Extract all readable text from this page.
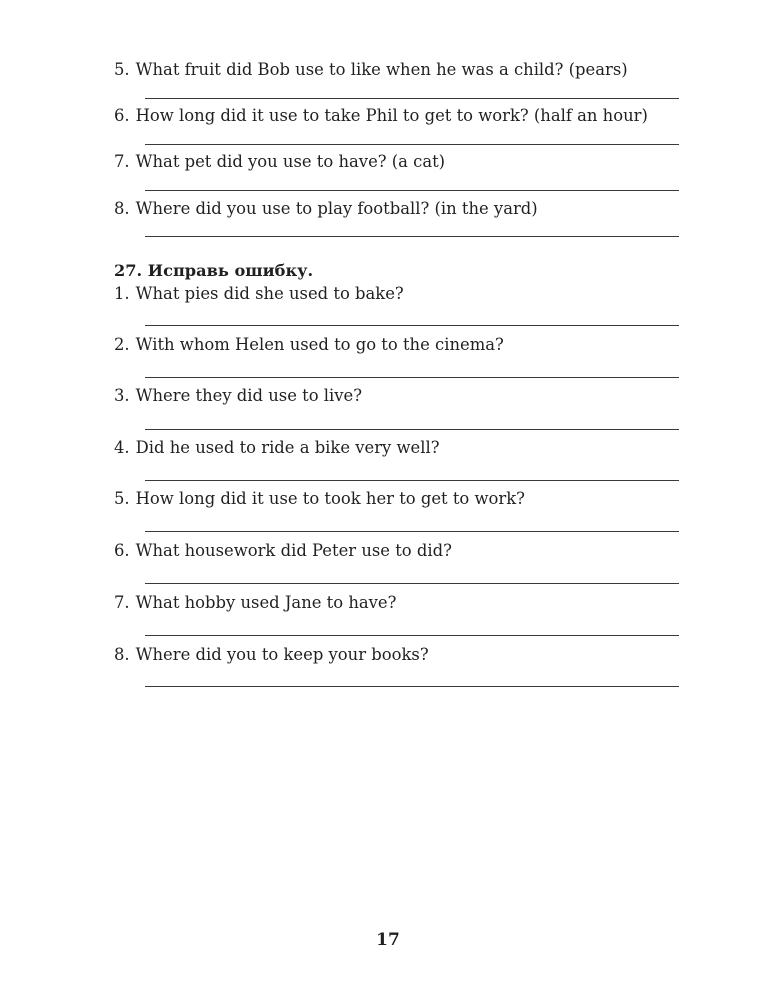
5. What fruit did Bob use to like when he was a child? (pears)
6. How long did it use to take Phil to get to work? (half an hour)
7. What pet did you use to have? (a cat)
8. Where did you use to play football? (in the yard)
27. Исправь ошибку.
1. What pies did she used to bake?
2. With whom Helen used to go to the cinema?
3. Where they did use to live?
4. Did he used to ride a bike very well?
5. How long did it use to took her to get to work?
6. What housework did Peter use to did?
7. What hobby used Jane to have?
8. Where did you to keep your books?
17
